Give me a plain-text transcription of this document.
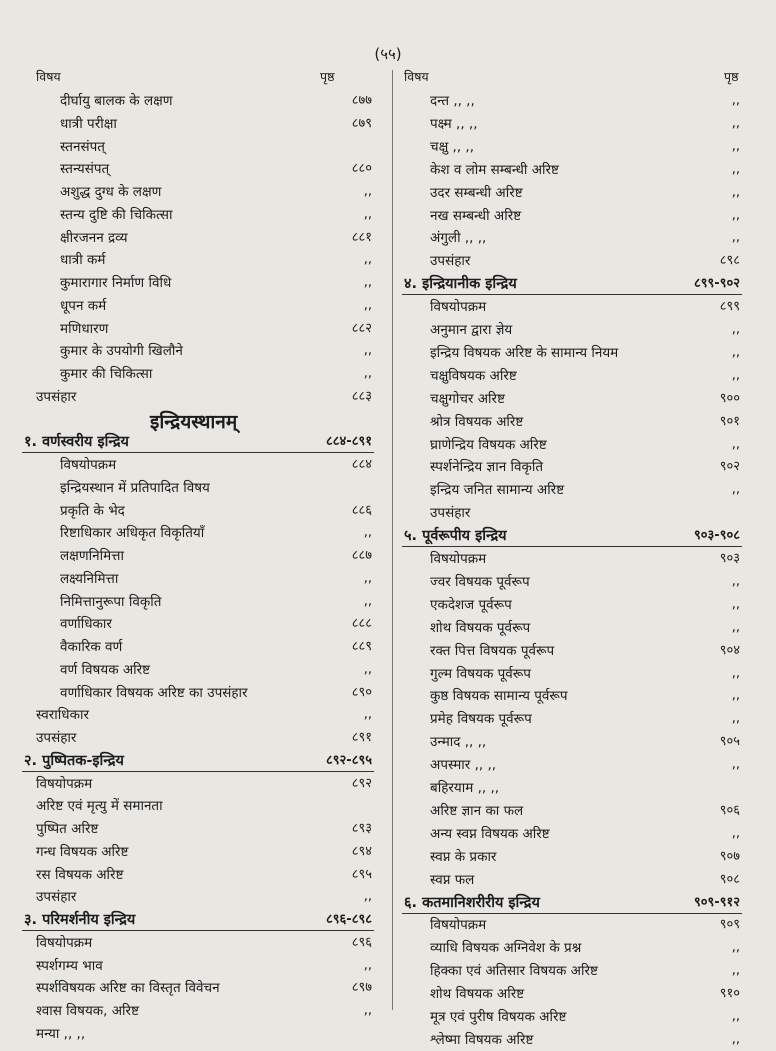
(५५)
विषय	पृष्ठ
दीर्घायु बालक के लक्षण	८७७
धात्री परीक्षा	८७९
स्तनसंपत्
स्तन्यसंपत्	८८०
अशुद्ध दुग्ध के लक्षण	,,
स्तन्य दुष्टि की चिकित्सा	,,
क्षीरजनन द्रव्य	८८१
धात्री कर्म	,,
कुमारागार निर्माण विधि	,,
धूपन कर्म	,,
मणिधारण	८८२
कुमार के उपयोगी खिलौने	,,
कुमार की चिकित्सा	,,
उपसंहार	८८३
इन्द्रियस्थानम्
१. वर्णस्वरीय इन्द्रिय	८८४-८९१
विषयोपक्रम	८८४
इन्द्रियस्थान में प्रतिपादित विषय
प्रकृति के भेद	८८६
रिष्टाधिकार अधिकृत विकृतियाँ	,,
लक्षणनिमित्ता	८८७
लक्ष्यनिमित्ता	,,
निमित्तानुरूपा विकृति	,,
वर्णाधिकार	८८८
वैकारिक वर्ण	८८९
वर्ण विषयक अरिष्ट	,,
वर्णाधिकार विषयक अरिष्ट का उपसंहार	८९०
स्वराधिकार	,,
उपसंहार	८९१
२. पुष्पितक-इन्द्रिय	८९२-८९५
विषयोपक्रम	८९२
अरिष्ट एवं मृत्यु में समानता
पुष्पित अरिष्ट	८९३
गन्ध विषयक अरिष्ट	८९४
रस विषयक अरिष्ट	८९५
उपसंहार	,,
३. परिमर्शनीय इन्द्रिय	८९६-८९८
विषयोपक्रम	८९६
स्पर्शगम्य भाव	,,
स्पर्शविषयक अरिष्ट का विस्तृत विवेचन	८९७
श्वास विषयक, अरिष्ट	,,
मन्या ,, ,,
विषय	पृष्ठ
दन्त ,, ,,	,,
पक्ष्म ,, ,,	,,
चक्षु ,, ,,	,,
केश व लोम सम्बन्धी अरिष्ट	,,
उदर सम्बन्धी अरिष्ट	,,
नख सम्बन्धी अरिष्ट	,,
अंगुली ,, ,,	,,
उपसंहार	८९८
४. इन्द्रियानीक इन्द्रिय	८९९-९०२
विषयोपक्रम	८९९
अनुमान द्वारा ज्ञेय	,,
इन्द्रिय विषयक अरिष्ट के सामान्य नियम	,,
चक्षुविषयक अरिष्ट	,,
चक्षुगोचर अरिष्ट	९००
श्रोत्र विषयक अरिष्ट	९०१
घ्राणेन्द्रिय विषयक अरिष्ट	,,
स्पर्शनेन्द्रिय ज्ञान विकृति	९०२
इन्द्रिय जनित सामान्य अरिष्ट	,,
उपसंहार
५. पूर्वरूपीय इन्द्रिय	९०३-९०८
विषयोपक्रम	९०३
ज्वर विषयक पूर्वरूप	,,
एकदेशज पूर्वरूप	,,
शोथ विषयक पूर्वरूप	,,
रक्त पित्त विषयक पूर्वरूप	९०४
गुल्म विषयक पूर्वरूप	,,
कुष्ठ विषयक सामान्य पूर्वरूप	,,
प्रमेह विषयक पूर्वरूप	,,
उन्माद ,, ,,	९०५
अपस्मार ,, ,,	,,
बहिरयाम ,, ,,
अरिष्ट ज्ञान का फल	९०६
अन्य स्वप्न विषयक अरिष्ट	,,
स्वप्न के प्रकार	९०७
स्वप्न फल	९०८
६. कतमानिशरीरीय इन्द्रिय	९०९-९१२
विषयोपक्रम	९०९
व्याधि विषयक अग्निवेश के प्रश्न	,,
हिक्का एवं अतिसार विषयक अरिष्ट	,,
शोथ विषयक अरिष्ट	९१०
मूत्र एवं पुरीष विषयक अरिष्ट	,,
श्लेष्मा विषयक अरिष्ट	,,
